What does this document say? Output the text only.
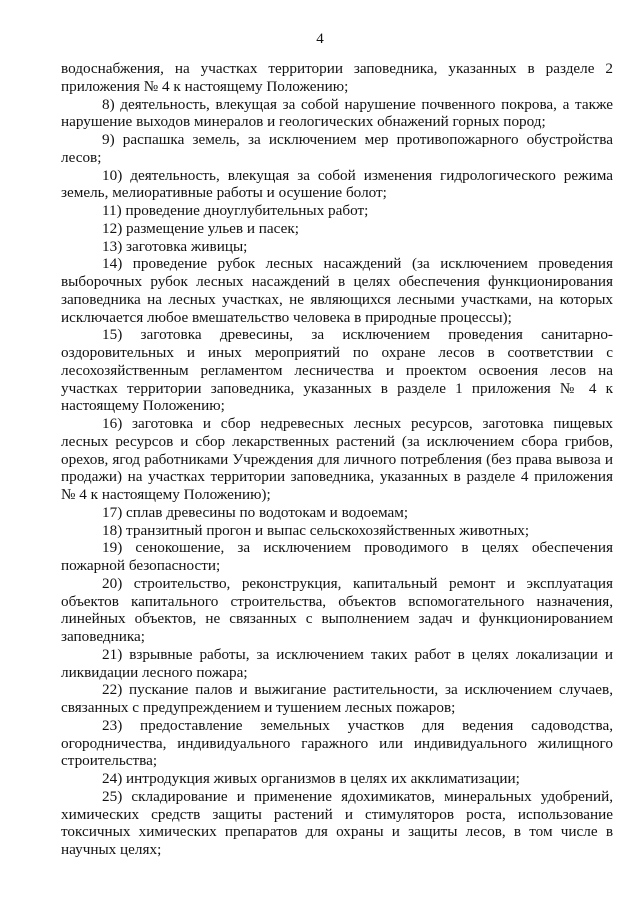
4

водоснабжения, на участках территории заповедника, указанных в разделе 2 приложения № 4 к настоящему Положению;

8) деятельность, влекущая за собой нарушение почвенного покрова, а также нарушение выходов минералов и геологических обнажений горных пород;

9) распашка земель, за исключением мер противопожарного обустройства лесов;

10) деятельность, влекущая за собой изменения гидрологического режима земель, мелиоративные работы и осушение болот;

11) проведение дноуглубительных работ;

12) размещение ульев и пасек;

13) заготовка живицы;

14) проведение рубок лесных насаждений (за исключением проведения выборочных рубок лесных насаждений в целях обеспечения функционирования заповедника на лесных участках, не являющихся лесными участками, на которых исключается любое вмешательство человека в природные процессы);

15) заготовка древесины, за исключением проведения санитарно-оздоровительных и иных мероприятий по охране лесов в соответствии с лесохозяйственным регламентом лесничества и проектом освоения лесов на участках территории заповедника, указанных в разделе 1 приложения № 4 к настоящему Положению;

16) заготовка и сбор недревесных лесных ресурсов, заготовка пищевых лесных ресурсов и сбор лекарственных растений (за исключением сбора грибов, орехов, ягод работниками Учреждения для личного потребления (без права вывоза и продажи) на участках территории заповедника, указанных в разделе 4 приложения № 4 к настоящему Положению);

17) сплав древесины по водотокам и водоемам;

18) транзитный прогон и выпас сельскохозяйственных животных;

19) сенокошение, за исключением проводимого в целях обеспечения пожарной безопасности;

20) строительство, реконструкция, капитальный ремонт и эксплуатация объектов капитального строительства, объектов вспомогательного назначения, линейных объектов, не связанных с выполнением задач и функционированием заповедника;

21) взрывные работы, за исключением таких работ в целях локализации и ликвидации лесного пожара;

22) пускание палов и выжигание растительности, за исключением случаев, связанных с предупреждением и тушением лесных пожаров;

23) предоставление земельных участков для ведения садоводства, огородничества, индивидуального гаражного или индивидуального жилищного строительства;

24) интродукция живых организмов в целях их акклиматизации;

25) складирование и применение ядохимикатов, минеральных удобрений, химических средств защиты растений и стимуляторов роста, использование токсичных химических препаратов для охраны и защиты лесов, в том числе в научных целях;
